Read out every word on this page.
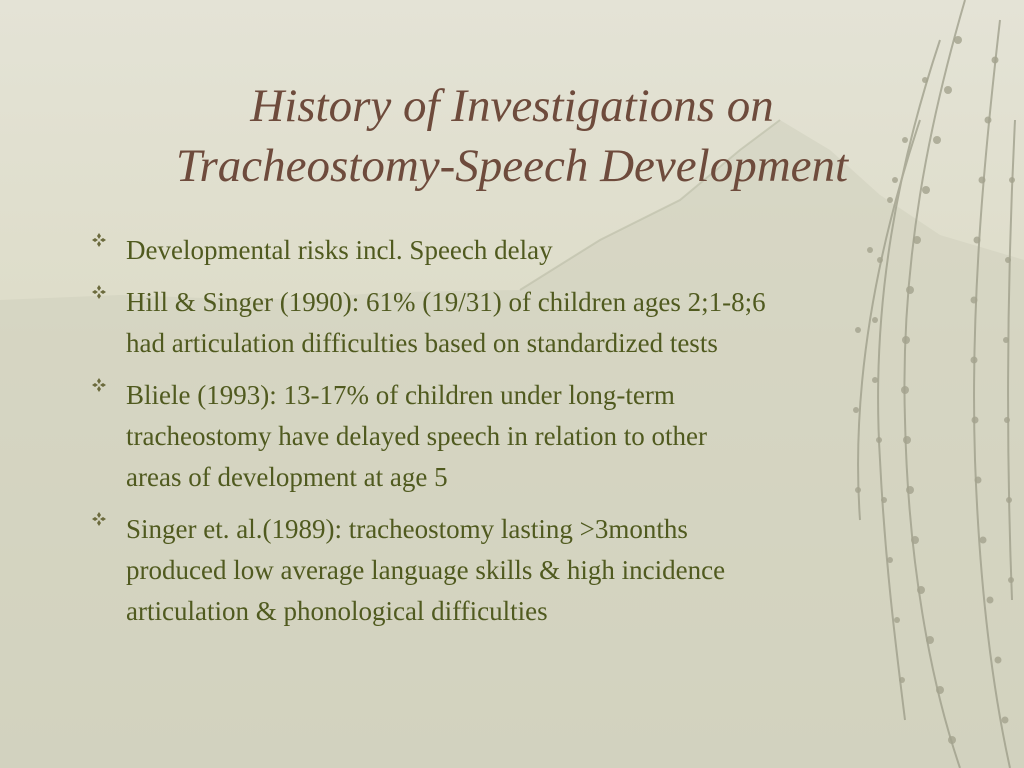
History of Investigations on
Tracheostomy-Speech Development
Developmental risks incl. Speech delay
Hill & Singer (1990): 61% (19/31) of children ages 2;1-8;6
had articulation difficulties based on standardized tests
Bliele (1993): 13-17% of children under long-term
tracheostomy have delayed speech in relation to other
areas of development at age 5
Singer et. al.(1989): tracheostomy lasting >3months
produced low average language skills & high incidence
articulation & phonological difficulties
